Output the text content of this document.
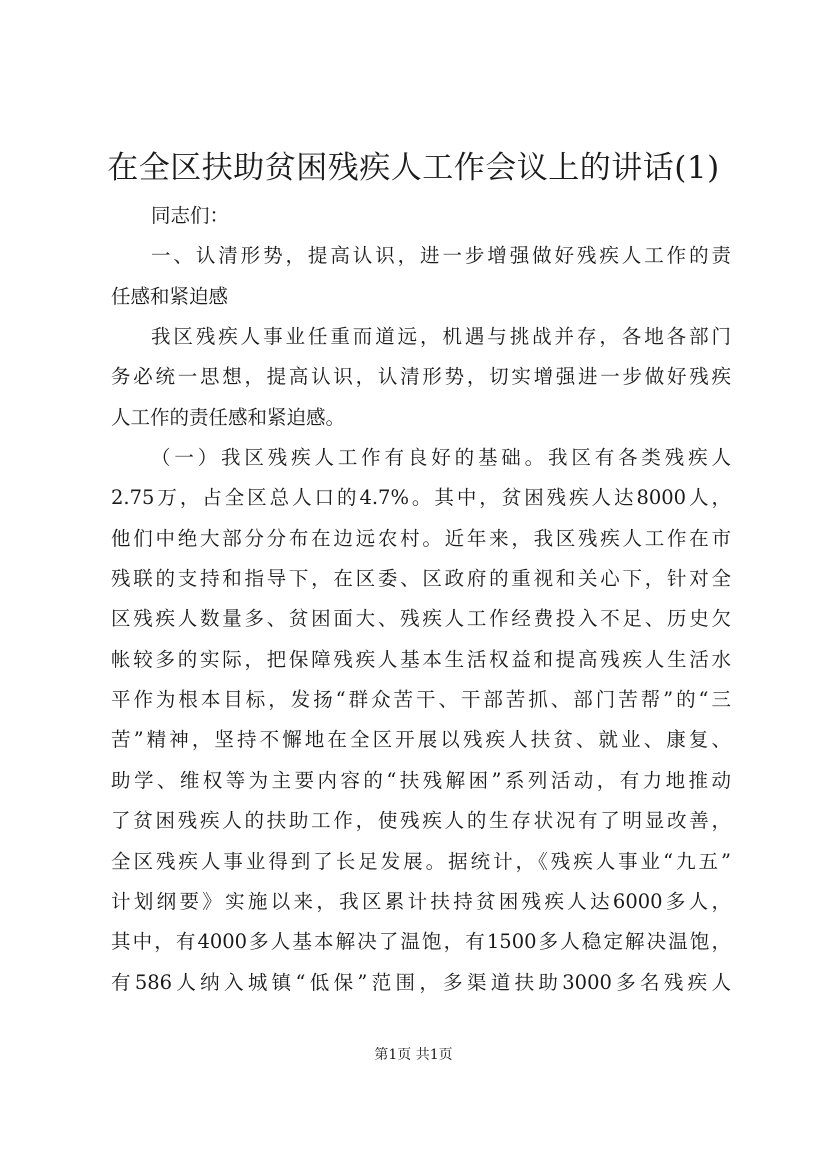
在全区扶助贫困残疾人工作会议上的讲话(1)
同志们：
一、认清形势，提高认识，进一步增强做好残疾人工作的责
任感和紧迫感
我区残疾人事业任重而道远，机遇与挑战并存，各地各部门
务必统一思想，提高认识，认清形势，切实增强进一步做好残疾
人工作的责任感和紧迫感。
（一）我区残疾人工作有良好的基础。我区有各类残疾人
2.75万，占全区总人口的4.7%。其中，贫困残疾人达8000人，
他们中绝大部分分布在边远农村。近年来，我区残疾人工作在市
残联的支持和指导下，在区委、区政府的重视和关心下，针对全
区残疾人数量多、贫困面大、残疾人工作经费投入不足、历史欠
帐较多的实际，把保障残疾人基本生活权益和提高残疾人生活水
平作为根本目标，发扬“群众苦干、干部苦抓、部门苦帮”的“三
苦”精神，坚持不懈地在全区开展以残疾人扶贫、就业、康复、
助学、维权等为主要内容的“扶残解困”系列活动，有力地推动
了贫困残疾人的扶助工作，使残疾人的生存状况有了明显改善，
全区残疾人事业得到了长足发展。据统计，《残疾人事业“九五”
计划纲要》实施以来，我区累计扶持贫困残疾人达6000多人，
其中，有4000多人基本解决了温饱，有1500多人稳定解决温饱，
有586人纳入城镇“低保”范围，多渠道扶助3000多名残疾人
第1页 共1页
